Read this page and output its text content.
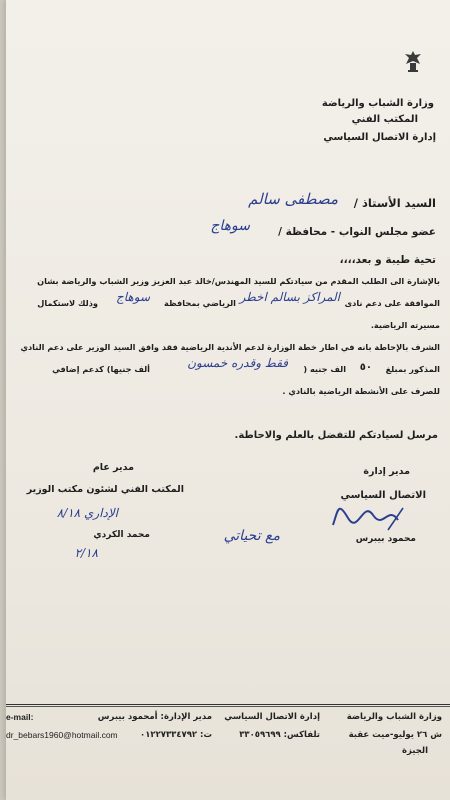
وزارة الشباب والرياضة
المكتب الفني
إدارة الاتصال السياسي
السيد الأستاذ /
مصطفى سالم
عضو مجلس النواب - محافظة /
سوهاج
تحية طيبة و بعد،،،،
بالإشارة الى الطلب المقدم من سيادتكم للسيد المهندس/خالد عبد العزيز وزير الشباب والرياضة بشان
الموافقة على دعم نادى
المراكز بسالم اخطر
الرياضي بمحافظة
سوهاج
وذلك لاستكمال
مسيرته الرياضية.
الشرف بالإحاطة بانه في اطار خطة الوزارة لدعم الأندية الرياضية فقد وافق السيد الوزير على دعم النادي
المذكور بمبلغ
٥٠
الف جنيه (
فقط وقدره خمسون
ألف جنيها) كدعم إضافي
للصرف على الأنشطة الرياضية بالنادي .
مرسل لسيادتكم للتفضل بالعلم والاحاطة.
مدير إدارة
الاتصال السياسي
محمود بيبرس
مدير عام
المكتب الفني لشئون مكتب الوزير
الإداري ٨/١٨
محمد الكردي
٢/١٨
مع تحياتي
وزارة الشباب والرياضة
إدارة الاتصال السياسي
مدير الإدارة: أمحمود بيبرس
ش ٢٦ يوليو-ميت عقبة
الجيزة
تلفاكس: ٣٣٠٥٩٦٩٩
ت: ٠١٢٢٧٣٣٤٧٩٢
e-mail:
dr_bebars1960@hotmail.com
